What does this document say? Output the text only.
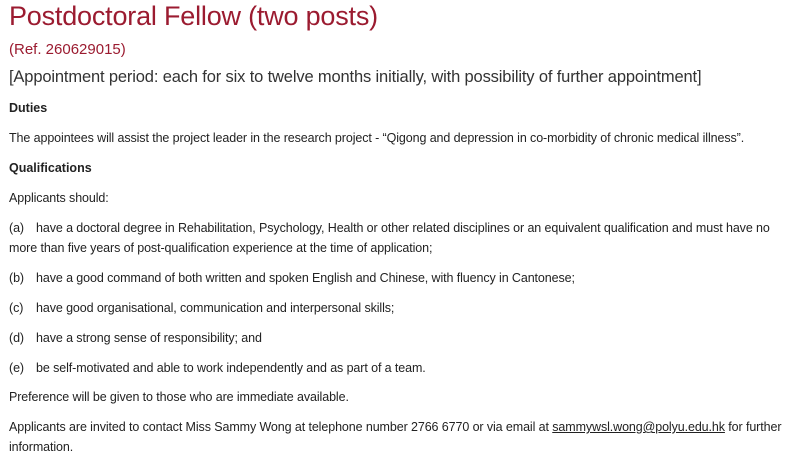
Postdoctoral Fellow (two posts)

(Ref. 260629015)

[Appointment period: each for six to twelve months initially, with possibility of further appointment]

Duties

The appointees will assist the project leader in the research project - “Qigong and depression in co-morbidity of chronic medical illness”.

Qualifications

Applicants should:

(a) have a doctoral degree in Rehabilitation, Psychology, Health or other related disciplines or an equivalent qualification and must have no more than five years of post-qualification experience at the time of application;
(b) have a good command of both written and spoken English and Chinese, with fluency in Cantonese;
(c)	have good organisational, communication and interpersonal skills;
(d) have a strong sense of responsibility; and
(e) be self-motivated and able to work independently and as part of a team.

Preference will be given to those who are immediate available.

Applicants are invited to contact Miss Sammy Wong at telephone number 2766 6770 or via email at sammywsl.wong@polyu.edu.hk for further information.
